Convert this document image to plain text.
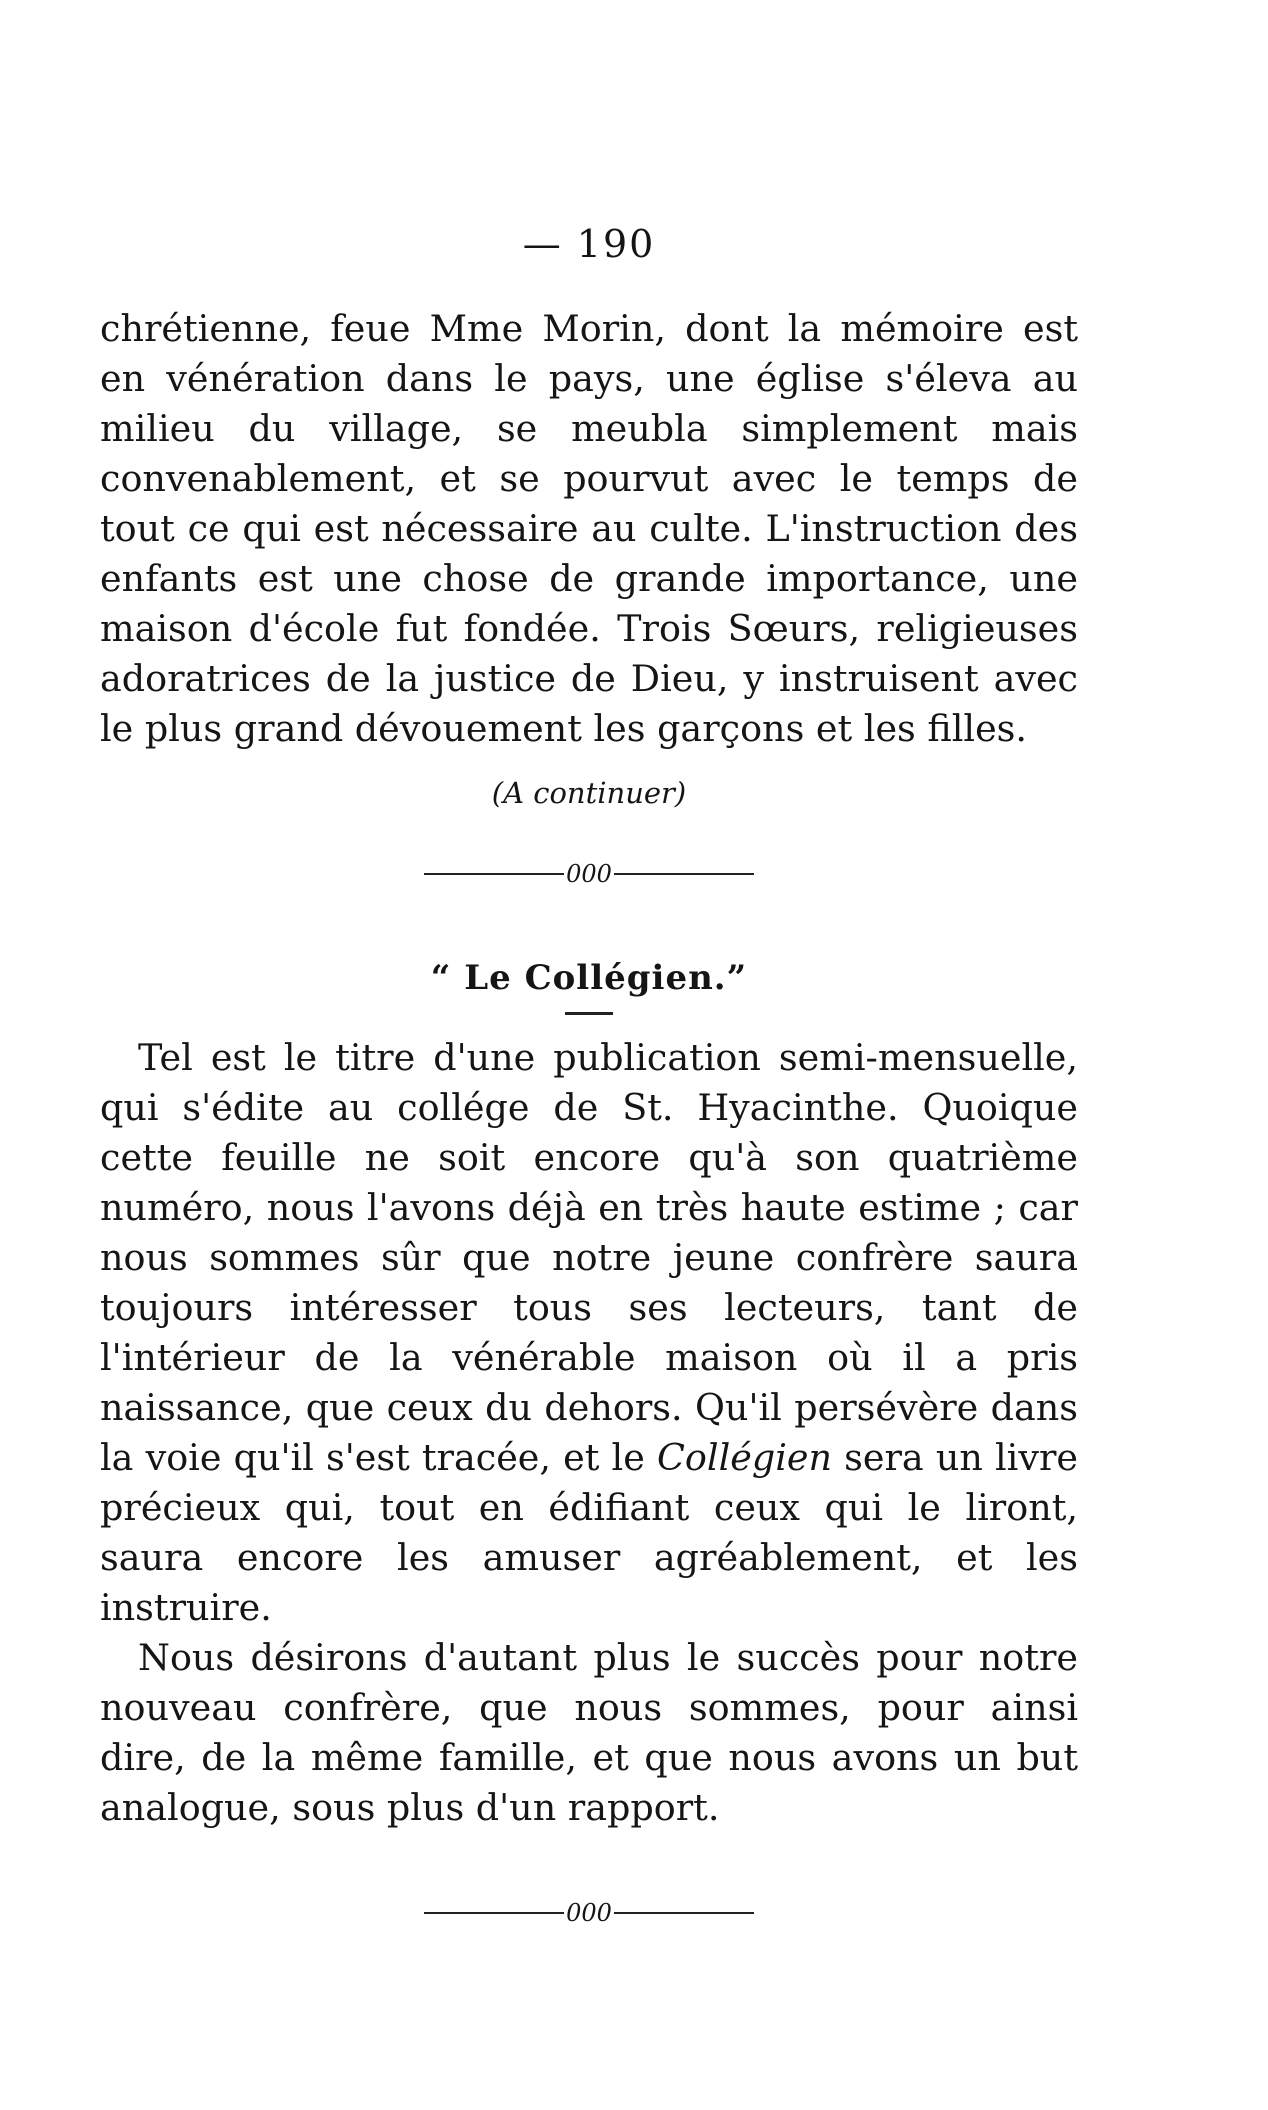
— 190

chrétienne, feue Mme Morin, dont la mémoire est en vénération dans le pays, une église s'éleva au milieu du village, se meubla simplement mais convenablement, et se pourvut avec le temps de tout ce qui est nécessaire au culte. L'instruction des enfants est une chose de grande importance, une maison d'école fut fondée. Trois Sœurs, religieuses adoratrices de la justice de Dieu, y instruisent avec le plus grand dévouement les garçons et les filles.

(A continuer)
000
“ Le Collégien.”

Tel est le titre d'une publication semi-mensuelle, qui s'édite au collége de St. Hyacinthe. Quoique cette feuille ne soit encore qu'à son quatrième numéro, nous l'avons déjà en très haute estime ; car nous sommes sûr que notre jeune confrère saura toujours intéresser tous ses lecteurs, tant de l'intérieur de la vénérable maison où il a pris naissance, que ceux du dehors. Qu'il persévère dans la voie qu'il s'est tracée, et le Collégien sera un livre précieux qui, tout en édifiant ceux qui le liront, saura encore les amuser agréablement, et les instruire.

Nous désirons d'autant plus le succès pour notre nouveau confrère, que nous sommes, pour ainsi dire, de la même famille, et que nous avons un but analogue, sous plus d'un rapport.

000
